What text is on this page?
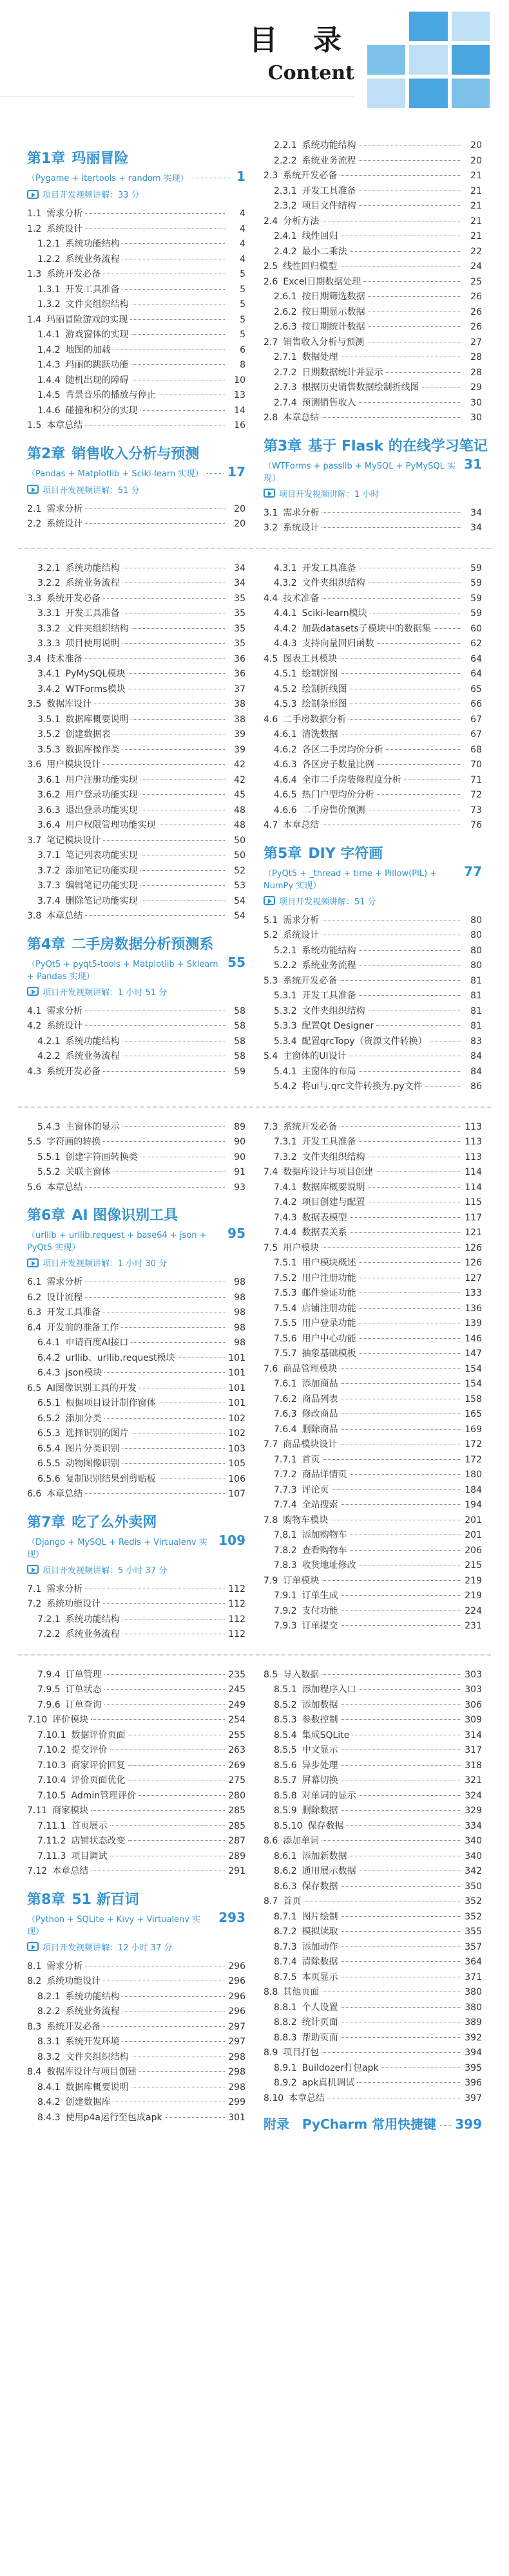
目 录
Content
第1章 玛丽冒险
（Pygame + itertools + random 实现）	1
项目开发视频讲解：33 分
1.1 需求分析	4
1.2 系统设计	4
1.2.1 系统功能结构	4
1.2.2 系统业务流程	4
1.3 系统开发必备	5
1.3.1 开发工具准备	5
1.3.2 文件夹组织结构	5
1.4 玛丽冒险游戏的实现	5
1.4.1 游戏窗体的实现	5
1.4.2 地图的加载	6
1.4.3 玛丽的跳跃功能	8
1.4.4 随机出现的障碍	10
1.4.5 背景音乐的播放与停止	13
1.4.6 碰撞和积分的实现	14
1.5 本章总结	16
第2章 销售收入分析与预测
（Pandas + Matplotlib + Sciki-learn 实现） 17
项目开发视频讲解：51 分
2.1 需求分析	20
2.2 系统设计	20
2.2.1 系统功能结构	20
2.2.2 系统业务流程	20
2.3 系统开发必备	21
2.3.1 开发工具准备	21
2.3.2 项目文件结构	21
2.4 分析方法	21
2.4.1 线性回归	21
2.4.2 最小二乘法	22
2.5 线性回归模型	24
2.6 Excel日期数据处理	25
2.6.1 按日期筛选数据	26
2.6.2 按日期显示数据	26
2.6.3 按日期统计数据	26
2.7 销售收入分析与预测	27
2.7.1 数据处理	28
2.7.2 日期数据统计并显示	28
2.7.3 根据历史销售数据绘制折线图	29
2.7.4 预测销售收入	30
2.8 本章总结	30
第3章 基于 Flask 的在线学习笔记
（WTForms + passlib + MySQL + PyMySQL 实现）
31
项目开发视频讲解：1 小时
3.1 需求分析	34
3.2 系统设计	34
3.2.1 系统功能结构	34
3.2.2 系统业务流程	34
3.3 系统开发必备	35
3.3.1 开发工具准备	35
3.3.2 文件夹组织结构	35
3.3.3 项目使用说明	35
3.4 技术准备	36
3.4.1 PyMySQL模块	36
3.4.2 WTForms模块	37
3.5 数据库设计	38
3.5.1 数据库概要说明	38
3.5.2 创建数据表	39
3.5.3 数据库操作类	39
3.6 用户模块设计	42
3.6.1 用户注册功能实现	42
3.6.2 用户登录功能实现	45
3.6.3 退出登录功能实现	48
3.6.4 用户权限管理功能实现	48
3.7 笔记模块设计	50
3.7.1 笔记列表功能实现	50
3.7.2 添加笔记功能实现	52
3.7.3 编辑笔记功能实现	53
3.7.4 删除笔记功能实现	54
3.8 本章总结	54
第4章 二手房数据分析预测系
（PyQt5 + pyqt5-tools + Matplotlib + Sklearn + Pandas 实现）
55
项目开发视频讲解：1 小时 51 分
4.1 需求分析	58
4.2 系统设计	58
4.2.1 系统功能结构	58
4.2.2 系统业务流程	58
4.3 系统开发必备	59
4.3.1 开发工具准备	59
4.3.2 文件夹组织结构	59
4.4 技术准备	59
4.4.1 Sciki-learn模块	59
4.4.2 加载datasets子模块中的数据集	60
4.4.3 支持向量回归函数	62
4.5 图表工具模块	64
4.5.1 绘制饼图	64
4.5.2 绘制折线图	65
4.5.3 绘制条形图	66
4.6 二手房数据分析	67
4.6.1 清洗数据	67
4.6.2 各区二手房均价分析	68
4.6.3 各区房子数量比例	70
4.6.4 全市二手房装修程度分析	71
4.6.5 热门户型均价分析	72
4.6.6 二手房售价预测	73
4.7 本章总结	76
第5章 DIY 字符画
（PyQt5 + _thread + time + Pillow(PIL) + NumPy 实现）
77
项目开发视频讲解：51 分
5.1 需求分析	80
5.2 系统设计	80
5.2.1 系统功能结构	80
5.2.2 系统业务流程	80
5.3 系统开发必备	81
5.3.1 开发工具准备	81
5.3.2 文件夹组织结构	81
5.3.3 配置Qt Designer	81
5.3.4 配置qrcTopy（资源文件转换）	83
5.4 主窗体的UI设计	84
5.4.1 主窗体的布局	84
5.4.2 将ui与.qrc文件转换为.py文件	86
5.4.3 主窗体的显示	89
5.5 字符画的转换	90
5.5.1 创建字符画转换类	90
5.5.2 关联主窗体	91
5.6 本章总结	93
第6章 AI 图像识别工具
（urllib + urllib.request + base64 + json + PyQt5 实现）
95
项目开发视频讲解：1 小时 30 分
6.1 需求分析	98
6.2 设计流程	98
6.3 开发工具准备	98
6.4 开发前的准备工作	98
6.4.1 申请百度AI接口	98
6.4.2 urllib、urllib.request模块	101
6.4.3 json模块	101
6.5 AI图像识别工具的开发	101
6.5.1 根据项目设计制作窗体	101
6.5.2 添加分类	102
6.5.3 选择识别的图片	102
6.5.4 图片分类识别	103
6.5.5 动物图像识别	105
6.5.6 复制识别结果到剪贴板	106
6.6 本章总结	107
第7章 吃了么外卖网
（Django + MySQL + Redis + Virtualenv 实现）
109
项目开发视频讲解：5 小时 37 分
7.1 需求分析	112
7.2 系统功能设计	112
7.2.1 系统功能结构	112
7.2.2 系统业务流程	112
7.3 系统开发必备	113
7.3.1 开发工具准备	113
7.3.2 文件夹组织结构	113
7.4 数据库设计与项目创建	114
7.4.1 数据库概要说明	114
7.4.2 项目创建与配置	115
7.4.3 数据表模型	117
7.4.4 数据表关系	121
7.5 用户模块	126
7.5.1 用户模块概述	126
7.5.2 用户注册功能	127
7.5.3 邮件验证功能	133
7.5.4 店铺注册功能	136
7.5.5 用户登录功能	139
7.5.6 用户中心功能	146
7.5.7 抽象基础模板	147
7.6 商品管理模块	154
7.6.1 添加商品	154
7.6.2 商品列表	158
7.6.3 修改商品	165
7.6.4 删除商品	169
7.7 商品模块设计	172
7.7.1 首页	172
7.7.2 商品详情页	180
7.7.3 评论页	184
7.7.4 全站搜索	194
7.8 购物车模块	201
7.8.1 添加购物车	201
7.8.2 查看购物车	206
7.8.3 收货地址修改	215
7.9 订单模块	219
7.9.1 订单生成	219
7.9.2 支付功能	224
7.9.3 订单提交	231
7.9.4 订单管理	235
7.9.5 订单状态	245
7.9.6 订单查询	249
7.10 评价模块	254
7.10.1 数据评价页面	255
7.10.2 提交评价	263
7.10.3 商家评价回复	269
7.10.4 评价页面优化	275
7.10.5 Admin管理评价	280
7.11 商家模块	285
7.11.1 首页展示	285
7.11.2 店铺状态改变	287
7.11.3 项目调试	289
7.12 本章总结	291
第8章 51 新百词
（Python + SQLite + Kivy + Virtualenv 实现）
293
项目开发视频讲解：12 小时 37 分
8.1 需求分析	296
8.2 系统功能设计	296
8.2.1 系统功能结构	296
8.2.2 系统业务流程	296
8.3 系统开发必备	297
8.3.1 系统开发环境	297
8.3.2 文件夹组织结构	298
8.4 数据库设计与项目创建	298
8.4.1 数据库概要说明	298
8.4.2 创建数据库	299
8.4.3 使用p4a运行至包成apk	301
8.5 导入数据	303
8.5.1 添加程序入口	303
8.5.2 添加数据	306
8.5.3 参数控制	309
8.5.4 集成SQLite	314
8.5.5 中文显示	317
8.5.6 异步处理	318
8.5.7 屏幕切换	321
8.5.8 对单词的显示	324
8.5.9 删除数据	329
8.5.10 保存数据	334
8.6 添加单词	340
8.6.1 添加新数据	340
8.6.2 通用展示数据	342
8.6.3 保存数据	350
8.7 首页	352
8.7.1 图片绘制	352
8.7.2 模拟读取	355
8.7.3 添加动作	357
8.7.4 清除数据	364
8.7.5 本页显示	371
8.8 其他页面	380
8.8.1 个人设置	380
8.8.2 统计页面	389
8.8.3 帮助页面	392
8.9 项目打包	394
8.9.1 Buildozer打包apk	395
8.9.2 apk真机调试	396
8.10 本章总结	397
附录　PyCharm 常用快捷键 399
